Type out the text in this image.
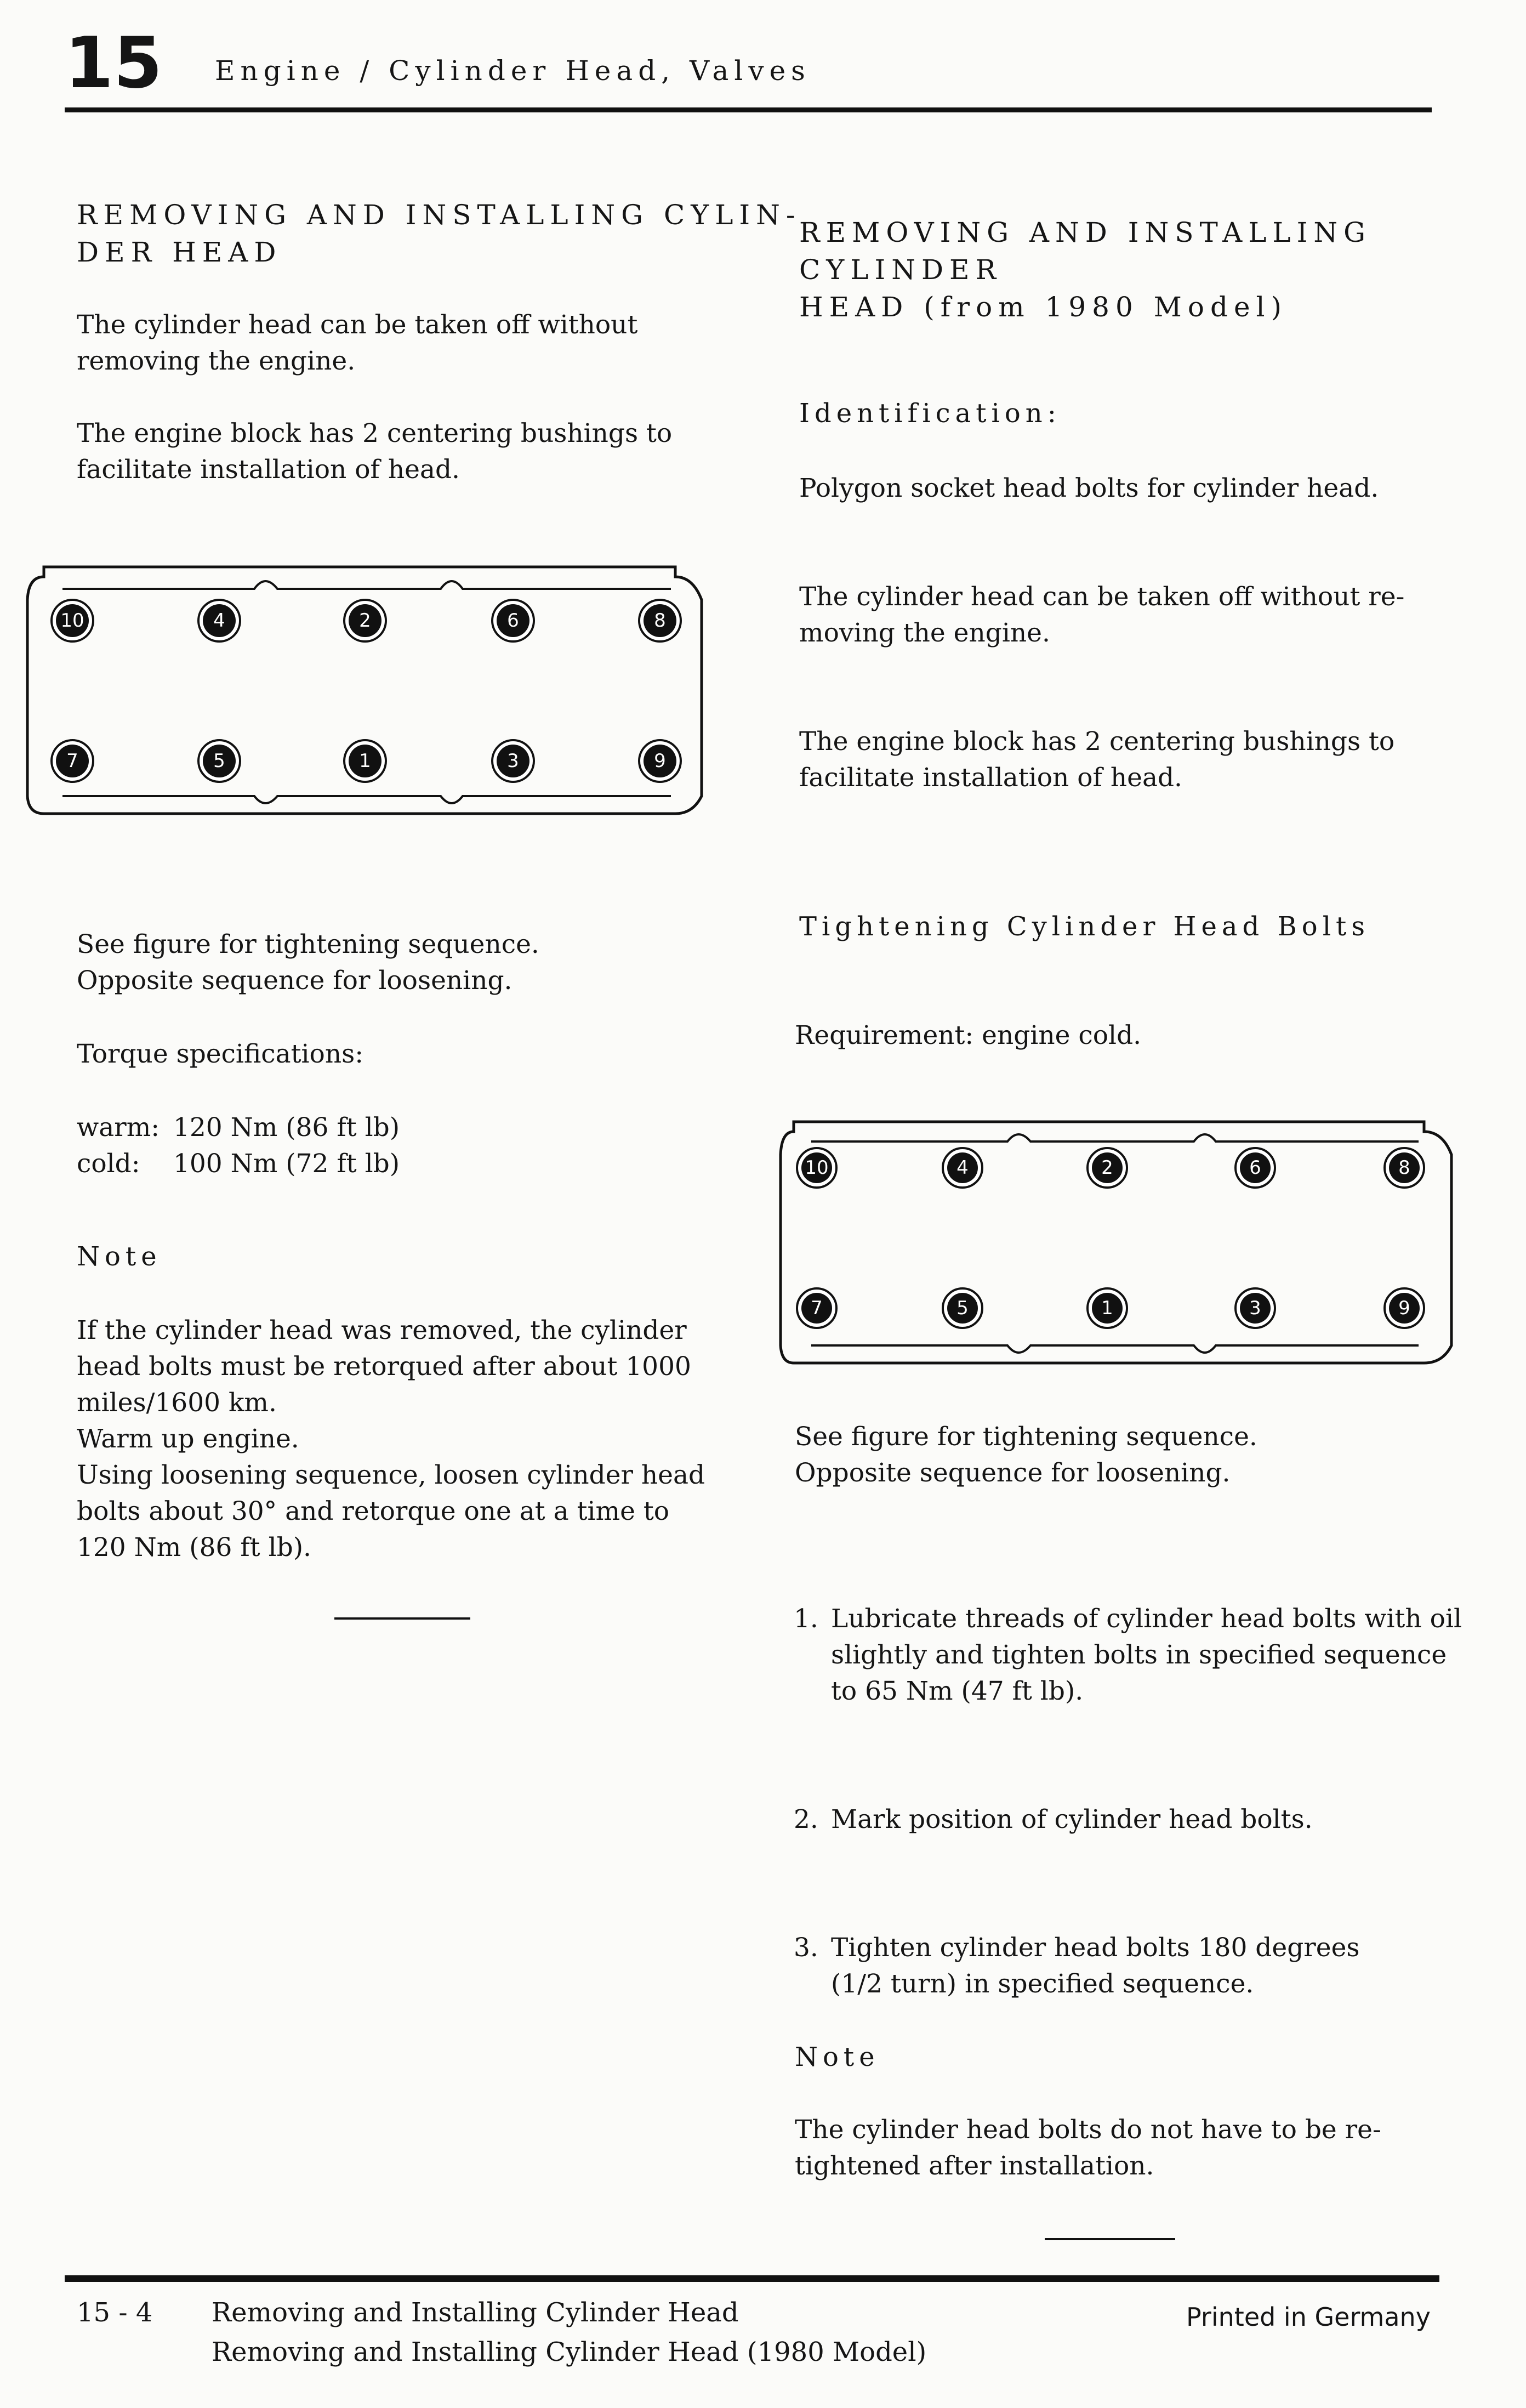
15 Engine / Cylinder Head, Valves
REMOVING AND INSTALLING CYLIN-
DER HEAD

The cylinder head can be taken off without

removing the engine.

The engine block has 2 centering bushings to

facilitate installation of head.

10	4	2	6	8
7	5	1	3	9

See figure for tightening sequence.

Opposite sequence for loosening.

Torque specifications:
warm: 120 Nm (86 ft lb)
cold: 100 Nm (72 ft lb)
Note

If the cylinder head was removed, the cylinder

head bolts must be retorqued after about 1000

miles/1600 km.

Warm up engine.

Using loosening sequence, loosen cylinder head

bolts about 30° and retorque one at a time to

120 Nm (86 ft lb).

REMOVING AND INSTALLING CYLINDER
HEAD (from 1980 Model)
Identification:
Polygon socket head bolts for cylinder head.

The cylinder head can be taken off without re-

moving the engine.

The engine block has 2 centering bushings to

facilitate installation of head.

Tightening Cylinder Head Bolts
Requirement: engine cold.
10	4	2	6	8
7	5	1	3	9

See figure for tightening sequence.

Opposite sequence for loosening.

1. Lubricate threads of cylinder head bolts with oil
slightly and tighten bolts in specified sequence
to 65 Nm (47 ft lb).
2. Mark position of cylinder head bolts.
3. Tighten cylinder head bolts 180 degrees
(1/2 turn) in specified sequence.
Note

The cylinder head bolts do not have to be re-

tightened after installation.

15 - 4 Removing and Installing Cylinder Head
Removing and Installing Cylinder Head (1980 Model)
Printed in Germany
